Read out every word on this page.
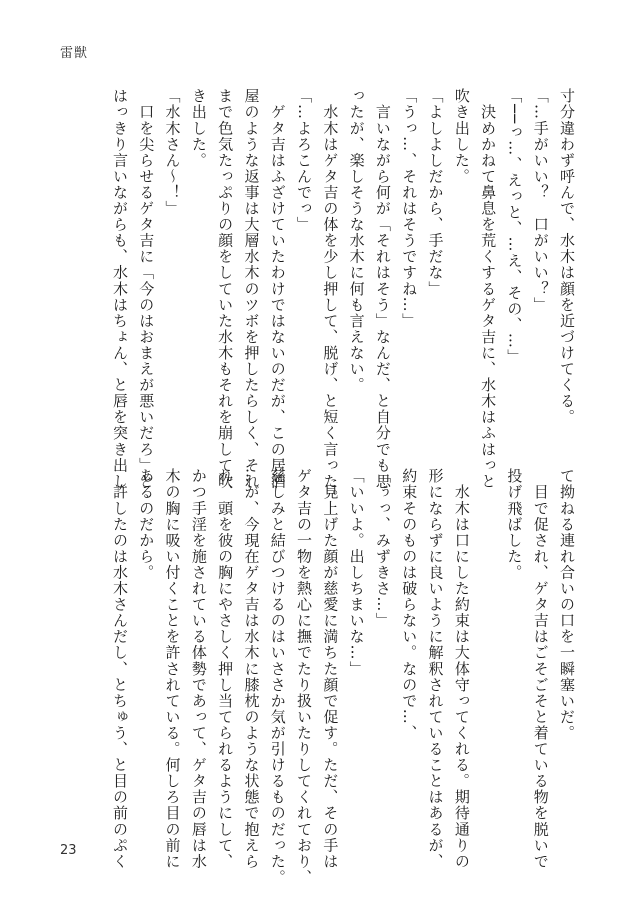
雷獣
寸分違わず呼んで、水木は顔を近づけてくる。
「…手がいい？　口がいい？」
「──っ…、えっと、…え、その、…」
　決めかねて鼻息を荒くするゲタ吉に、水木はふはっと
吹き出した。
「よしよしだから、手だな」
「うっ…、それはそうですね…」
　言いながら何が「それはそう」なんだ、と自分でも思
ったが、楽しそうな水木に何も言えない。
　水木はゲタ吉の体を少し押して、脱げ、と短く言った。
「…よろこんでっ」
　ゲタ吉はふざけていたわけではないのだが、この居酒
屋のような返事は大層水木のツボを押したらしく、それ
まで色気たっぷりの顔をしていた水木もそれを崩して吹
き出した。
「水木さん～！」
　口を尖らせるゲタ吉に「今のはおまえが悪いだろ」と
はっきり言いながらも、水木はちょん、と唇を突き出し
て拗ねる連れ合いの口を一瞬塞いだ。
　目で促され、ゲタ吉はごそごそと着ている物を脱いで
投げ飛ばした。

　水木は口にした約束は大体守ってくれる。期待通りの
形にならずに良いように解釈されていることはあるが、
約束そのものは破らない。なので…、
「ぅっ、みずきさ…」
「いいよ。出しちまいな…」
　見上げた顔が慈愛に満ちた顔で促す。ただ、その手は
ゲタ吉の一物を熱心に撫でたり扱いたりしてくれており、
慈しみと結びつけるのはいささか気が引けるものだった。
…が、今現在ゲタ吉は水木に膝枕のような状態で抱えら
れ、頭を彼の胸にやさしく押し当てられるようにして、
かつ手淫を施されている体勢であって、ゲタ吉の唇は水
木の胸に吸い付くことを許されている。何しろ目の前に
あるのだから。
　許したのは水木さんだし、とちゅう、と目の前のぷく
23
